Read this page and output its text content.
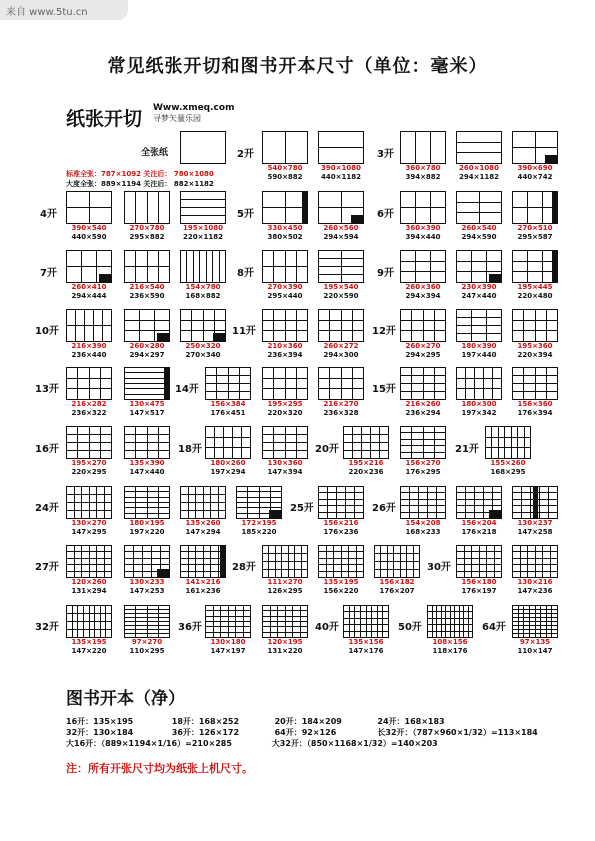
来自 www.5tu.cn
常见纸张开切和图书开本尺寸（单位：毫米）
纸张开切 Www.xmeq.com
寻梦矢量乐园
全张纸
标准全张：787×1092 关注后： 780×1080
大度全张：889×1194 关注后： 882×1182
2开
540×780
590×882
390×1080
440×1182
3开
360×780
394×882
260×1080
294×1182
390×690
440×742
4开
390×540
440×590
270×780
295×882
195×1080
220×1182
5开
330×450
380×502
260×560
294×594
6开
360×390
394×440
260×540
294×590
270×510
295×587
7开
260×410
294×444
216×540
236×590
154×780
168×882
8开
270×390
295×440
195×540
220×590
9开
260×360
294×394
230×390
247×440
195×445
220×480
10开
216×390
236×440
260×280
294×297
250×320
270×340
11开
210×360
236×394
260×272
294×300
12开
260×270
294×295
180×390
197×440
195×360
220×394
13开
216×282
236×322
130×475
147×517
14开
156×384
176×451
195×295
220×320
216×270
236×328
15开
216×260
236×294
180×300
197×342
156×360
176×394
16开
195×270
220×295
135×390
147×440
18开
180×260
197×294
130×360
147×394
20开
195×216
220×236
156×270
176×295
21开
155×260
168×295
24开
130×270
147×295
180×195
197×220
135×260
147×294
172×195
185×220
25开
156×216
176×236
26开
154×208
168×233
156×204
176×218
130×237
147×258
27开
120×260
131×294
130×233
147×253
141×216
161×236
28开
111×270
126×295
135×195
156×220
156×182
176×207
30开
156×180
176×197
130×216
147×236
32开
135×195
147×220
97×270
110×295
36开
130×180
147×197
120×195
131×220
40开
135×156
147×176
50开
108×156
118×176
64开
97×135
110×147
图书开本（净）
16开：135×195	18开：168×252	20开：184×209	24开：168×183
32开：130×184	36开：126×172	64开：92×126	长32开：（787×960×1/32）=113×184
大16开：（889×1194×1/16）=210×285	大32开：（850×1168×1/32）=140×203
注：所有开张尺寸均为纸张上机尺寸。
